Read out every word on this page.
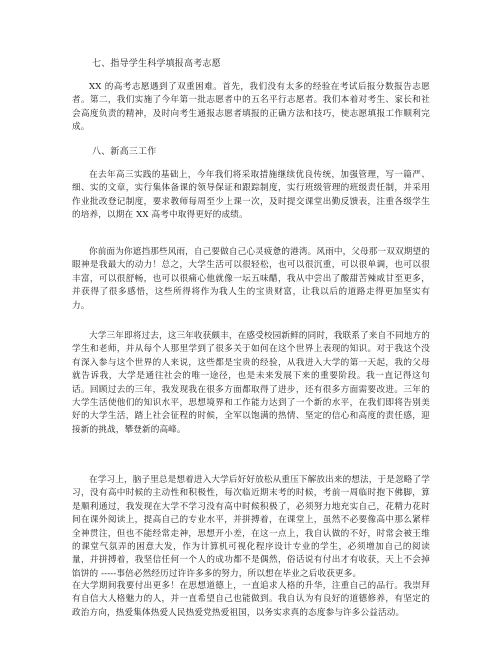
七、指导学生科学填报高考志愿

XX 的高考志愿遇到了双重困难。首先，我们没有太多的经验在考试后报分数报告志愿者。第二，我们实施了今年第一批志愿者中的五名平行志愿者。我们本着对考生、家长和社会高度负责的精神，及时向考生通报志愿者填报的正确方法和技巧，使志愿填报工作顺利完成。

八、新高三工作

在去年高三实践的基础上，今年我们将采取措施继续优良传统，加强管理，写一篇严、细、实的文章，实行集体备课的领导保证和跟踪制度，实行班级管理的班级责任制，并采用作业批改登记制度，要求教师每周至少上课一次，及时提交课堂出勤反馈表，注重各级学生的培养，以期在 XX 高考中取得更好的成绩。

你前面为你遮挡那些风雨，自己要做自己心灵疲惫的港湾。风雨中，父母那一双双期望的眼神是我最大的动力！总之，大学生活可以很轻松，也可以很沉重，可以很单调，也可以很丰富，可以很舒畅，也可以很痛心他就像一坛五味醋，我从中尝出了酸甜苦辣咸甘至更多，并获得了很多感悟，这些所得将作为我人生的宝贵财富，让我以后的道路走得更加坚实有力。

大学三年即将过去，这三年收获颇丰，在感受校园新鲜的同时，我联系了来自不同地方的学生和老师，并从每个人那里学到了很多关于如何在这个世界上表现的知识。对于我这个没有深入参与这个世界的人来说，这些都是宝贵的经验，从我进入大学的第一天起，我的父母就告诉我，大学是通往社会的唯一途径，也是未来发展下来的重要阶段。我一直记得这句话。回顾过去的三年，我发现我在很多方面都取得了进步，还有很多方面需要改进。三年的大学生活使他们的知识水平，思想境界和工作能力达到了一个新的水平，在我们即将告别美好的大学生活，踏上社会征程的时候，全军以饱满的热情、坚定的信心和高度的责任感，迎接新的挑战，攀登新的高峰。

在学习上，脑子里总是想着进入大学后好好放松从重压下解放出来的想法，于是忽略了学习，没有高中时候的主动性和积极性，每次临近期末考的时候，考前一周临时抱下佛脚，算是顺利通过，我发现在大学不学习没有高中时候积极了，必须努力地充实自己，花精力花时间在课外阅读上，提高自己的专业水平，并拼搏着，在课堂上，虽然不必要像高中那么紧样全神贯注，但也不能经常走神，思想开小差，在这一点上，我自认做的不好，时常会被王维的课堂气氛弄的困意大发，作为计算机可视化程序设计专业的学生，必须增加自己的阅读量，并拼搏着，我坚信任何一个人的成功都不是偶然，俗话说有付出才有收获，天上不会掉馅饼的 -----事倍必然经历过许许多多的努力，所以想在毕业之后收获更多。

在大学期间我要付出更多！在思想道德上，一直追求人格的升华，注重自己的品行。我崇拜有自信大人格魅力的人，并一直希望自己也能做到。我自认为有良好的道德修养，有坚定的政治方向，热爱集体热爱人民热爱党热爱祖国，以务实求真的态度参与许多公益活动。
